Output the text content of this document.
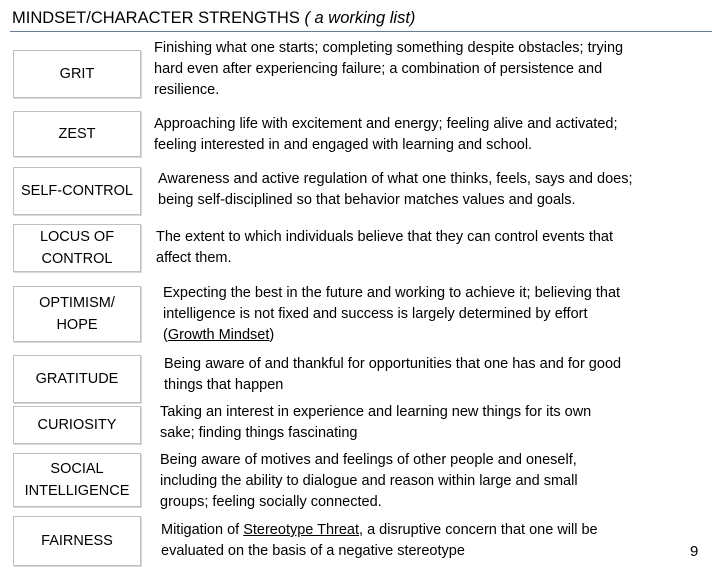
MINDSET/CHARACTER STRENGTHS ( a working list)
GRIT
Finishing what one starts; completing something despite obstacles; trying
hard even after experiencing failure; a combination of persistence and
resilience.
ZEST
Approaching life with excitement and energy; feeling alive and activated;
feeling interested in and engaged with learning and school.
SELF-CONTROL
Awareness and active regulation of what one thinks, feels, says and does;
being self-disciplined so that behavior matches values and goals.
LOCUS OF
CONTROL
The extent to which individuals believe that they can control events that
affect them.
OPTIMISM/
HOPE
Expecting the best in the future and working to achieve it; believing that
intelligence is not fixed and success is largely determined by effort
(Growth Mindset)
GRATITUDE
Being aware of and thankful for opportunities that one has and for good
things that happen
CURIOSITY
Taking an interest in experience and learning new things for its own
sake; finding things fascinating
SOCIAL
INTELLIGENCE
Being aware of motives and feelings of other people and oneself,
including the ability to dialogue and reason within large and small
groups; feeling socially connected.
FAIRNESS
Mitigation of Stereotype Threat, a disruptive concern that one will be
evaluated on the basis of a negative stereotype	9
